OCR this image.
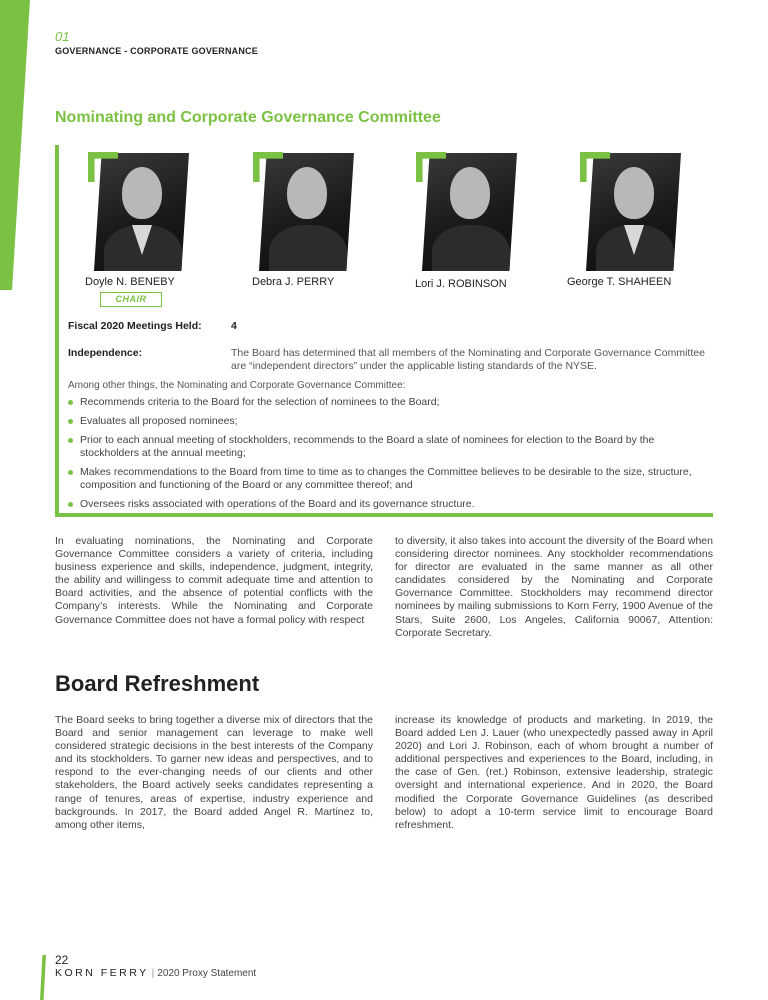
01
GOVERNANCE - CORPORATE GOVERNANCE
Nominating and Corporate Governance Committee
Doyle N. BENEBY
CHAIR
Debra J. PERRY	Lori J. ROBINSON	George T. SHAHEEN
Fiscal 2020 Meetings Held:	4
Independence:	The Board has determined that all members of the Nominating and Corporate Governance Committee are “independent directors” under the applicable listing standards of the NYSE.
Among other things, the Nominating and Corporate Governance Committee:
Recommends criteria to the Board for the selection of nominees to the Board;
Evaluates all proposed nominees;
Prior to each annual meeting of stockholders, recommends to the Board a slate of nominees for election to the Board by the stockholders at the annual meeting;
Makes recommendations to the Board from time to time as to changes the Committee believes to be desirable to the size, structure, composition and functioning of the Board or any committee thereof; and
Oversees risks associated with operations of the Board and its governance structure.
In evaluating nominations, the Nominating and Corporate Governance Committee considers a variety of criteria, including business experience and skills, independence, judgment, integrity, the ability and willingess to commit adequate time and attention to Board activities, and the absence of potential conflicts with the Company’s interests. While the Nominating and Corporate Governance Committee does not have a formal policy with respect
to diversity, it also takes into account the diversity of the Board when considering director nominees. Any stockholder recommendations for director are evaluated in the same manner as all other candidates considered by the Nominating and Corporate Governance Committee. Stockholders may recommend director nominees by mailing submissions to Korn Ferry, 1900 Avenue of the Stars, Suite 2600, Los Angeles, California 90067, Attention: Corporate Secretary.
Board Refreshment
The Board seeks to bring together a diverse mix of directors that the Board and senior management can leverage to make well considered strategic decisions in the best interests of the Company and its stockholders. To garner new ideas and perspectives, and to respond to the ever-changing needs of our clients and other stakeholders, the Board actively seeks candidates representing a range of tenures, areas of expertise, industry experience and backgrounds. In 2017, the Board added Angel R. Martinez to, among other items,
increase its knowledge of products and marketing. In 2019, the Board added Len J. Lauer (who unexpectedly passed away in April 2020) and Lori J. Robinson, each of whom brought a number of additional perspectives and experiences to the Board, including, in the case of Gen. (ret.) Robinson, extensive leadership, strategic oversight and international experience. And in 2020, the Board modified the Corporate Governance Guidelines (as described below) to adopt a 10-term service limit to encourage Board refreshment.
22
KORN FERRY | 2020 Proxy Statement
